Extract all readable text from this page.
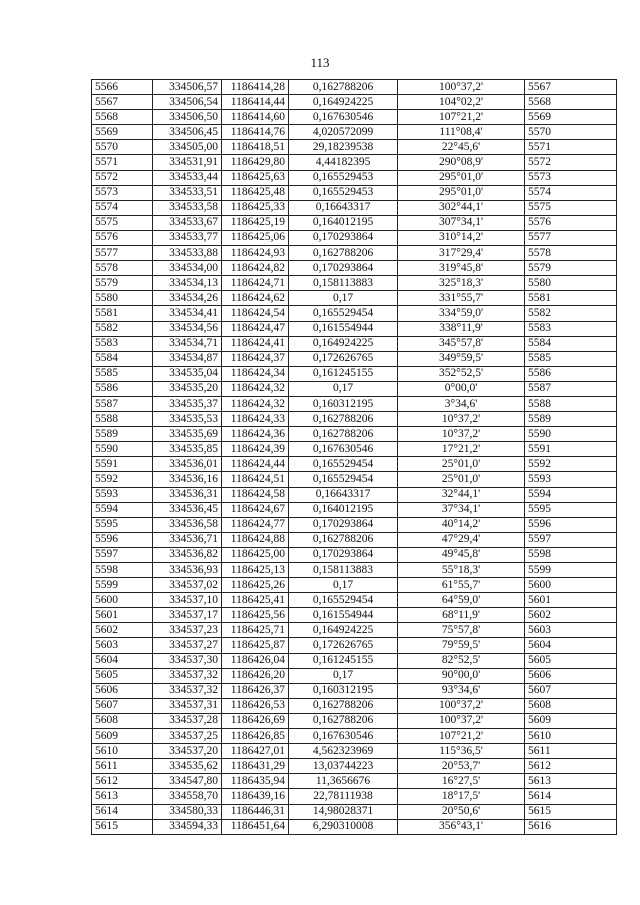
113
5566	334506,57	1186414,28	0,162788206	100°37,2'	5567
5567	334506,54	1186414,44	0,164924225	104°02,2'	5568
5568	334506,50	1186414,60	0,167630546	107°21,2'	5569
5569	334506,45	1186414,76	4,020572099	111°08,4'	5570
5570	334505,00	1186418,51	29,18239538	22°45,6'	5571
5571	334531,91	1186429,80	4,44182395	290°08,9'	5572
5572	334533,44	1186425,63	0,165529453	295°01,0'	5573
5573	334533,51	1186425,48	0,165529453	295°01,0'	5574
5574	334533,58	1186425,33	0,16643317	302°44,1'	5575
5575	334533,67	1186425,19	0,164012195	307°34,1'	5576
5576	334533,77	1186425,06	0,170293864	310°14,2'	5577
5577	334533,88	1186424,93	0,162788206	317°29,4'	5578
5578	334534,00	1186424,82	0,170293864	319°45,8'	5579
5579	334534,13	1186424,71	0,158113883	325°18,3'	5580
5580	334534,26	1186424,62	0,17	331°55,7'	5581
5581	334534,41	1186424,54	0,165529454	334°59,0'	5582
5582	334534,56	1186424,47	0,161554944	338°11,9'	5583
5583	334534,71	1186424,41	0,164924225	345°57,8'	5584
5584	334534,87	1186424,37	0,172626765	349°59,5'	5585
5585	334535,04	1186424,34	0,161245155	352°52,5'	5586
5586	334535,20	1186424,32	0,17	0°00,0'	5587
5587	334535,37	1186424,32	0,160312195	3°34,6'	5588
5588	334535,53	1186424,33	0,162788206	10°37,2'	5589
5589	334535,69	1186424,36	0,162788206	10°37,2'	5590
5590	334535,85	1186424,39	0,167630546	17°21,2'	5591
5591	334536,01	1186424,44	0,165529454	25°01,0'	5592
5592	334536,16	1186424,51	0,165529454	25°01,0'	5593
5593	334536,31	1186424,58	0,16643317	32°44,1'	5594
5594	334536,45	1186424,67	0,164012195	37°34,1'	5595
5595	334536,58	1186424,77	0,170293864	40°14,2'	5596
5596	334536,71	1186424,88	0,162788206	47°29,4'	5597
5597	334536,82	1186425,00	0,170293864	49°45,8'	5598
5598	334536,93	1186425,13	0,158113883	55°18,3'	5599
5599	334537,02	1186425,26	0,17	61°55,7'	5600
5600	334537,10	1186425,41	0,165529454	64°59,0'	5601
5601	334537,17	1186425,56	0,161554944	68°11,9'	5602
5602	334537,23	1186425,71	0,164924225	75°57,8'	5603
5603	334537,27	1186425,87	0,172626765	79°59,5'	5604
5604	334537,30	1186426,04	0,161245155	82°52,5'	5605
5605	334537,32	1186426,20	0,17	90°00,0'	5606
5606	334537,32	1186426,37	0,160312195	93°34,6'	5607
5607	334537,31	1186426,53	0,162788206	100°37,2'	5608
5608	334537,28	1186426,69	0,162788206	100°37,2'	5609
5609	334537,25	1186426,85	0,167630546	107°21,2'	5610
5610	334537,20	1186427,01	4,562323969	115°36,5'	5611
5611	334535,62	1186431,29	13,03744223	20°53,7'	5612
5612	334547,80	1186435,94	11,3656676	16°27,5'	5613
5613	334558,70	1186439,16	22,78111938	18°17,5'	5614
5614	334580,33	1186446,31	14,98028371	20°50,6'	5615
5615	334594,33	1186451,64	6,290310008	356°43,1'	5616
